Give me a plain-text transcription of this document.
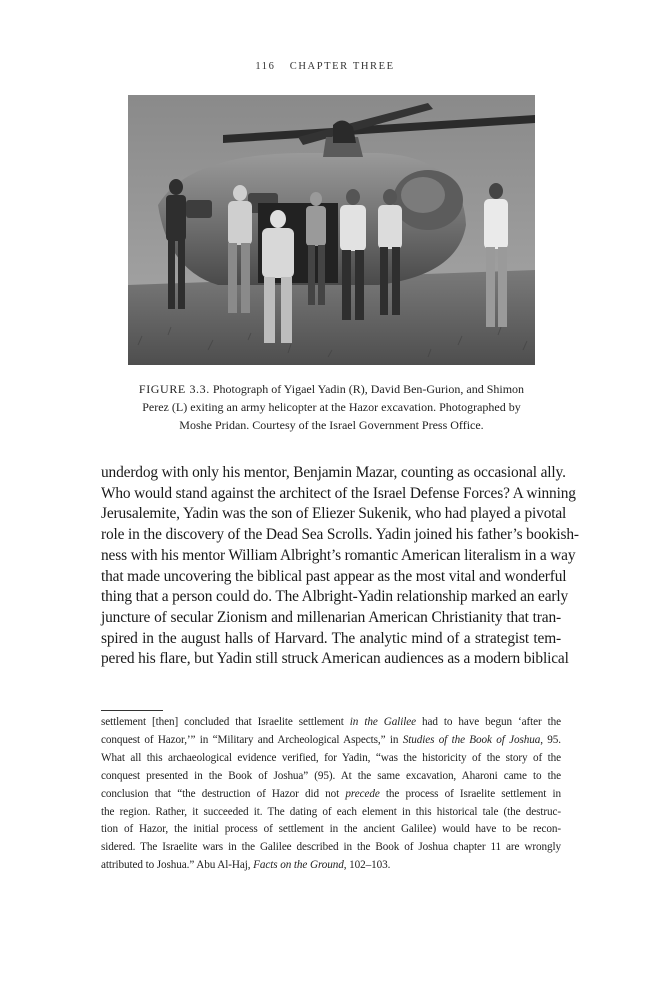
116 CHAPTER THREE
FIGURE 3.3. Photograph of Yigael Yadin (R), David Ben-Gurion, and Shimon
Perez (L) exiting an army helicopter at the Hazor excavation. Photographed by
Moshe Pridan. Courtesy of the Israel Government Press Office.
underdog with only his mentor, Benjamin Mazar, counting as occasional ally.
Who would stand against the architect of the Israel Defense Forces? A winning
Jerusalemite, Yadin was the son of Eliezer Sukenik, who had played a pivotal
role in the discovery of the Dead Sea Scrolls. Yadin joined his father’s bookish-
ness with his mentor William Albright’s romantic American literalism in a way
that made uncovering the biblical past appear as the most vital and wonderful
thing that a person could do. The Albright-Yadin relationship marked an early
juncture of secular Zionism and millenarian American Christianity that tran-
spired in the august halls of Harvard. The analytic mind of a strategist tem-
pered his flare, but Yadin still struck American audiences as a modern biblical
settlement [then] concluded that Israelite settlement in the Galilee had to have begun ‘after the
conquest of Hazor,’” in “Military and Archeological Aspects,” in Studies of the Book of Joshua, 95.
What all this archaeological evidence verified, for Yadin, “was the historicity of the story of the
conquest presented in the Book of Joshua” (95). At the same excavation, Aharoni came to the
conclusion that “the destruction of Hazor did not precede the process of Israelite settlement in
the region. Rather, it succeeded it. The dating of each element in this historical tale (the destruc-
tion of Hazor, the initial process of settlement in the ancient Galilee) would have to be recon-
sidered. The Israelite wars in the Galilee described in the Book of Joshua chapter 11 are wrongly
attributed to Joshua.” Abu Al-Haj, Facts on the Ground, 102–103.
